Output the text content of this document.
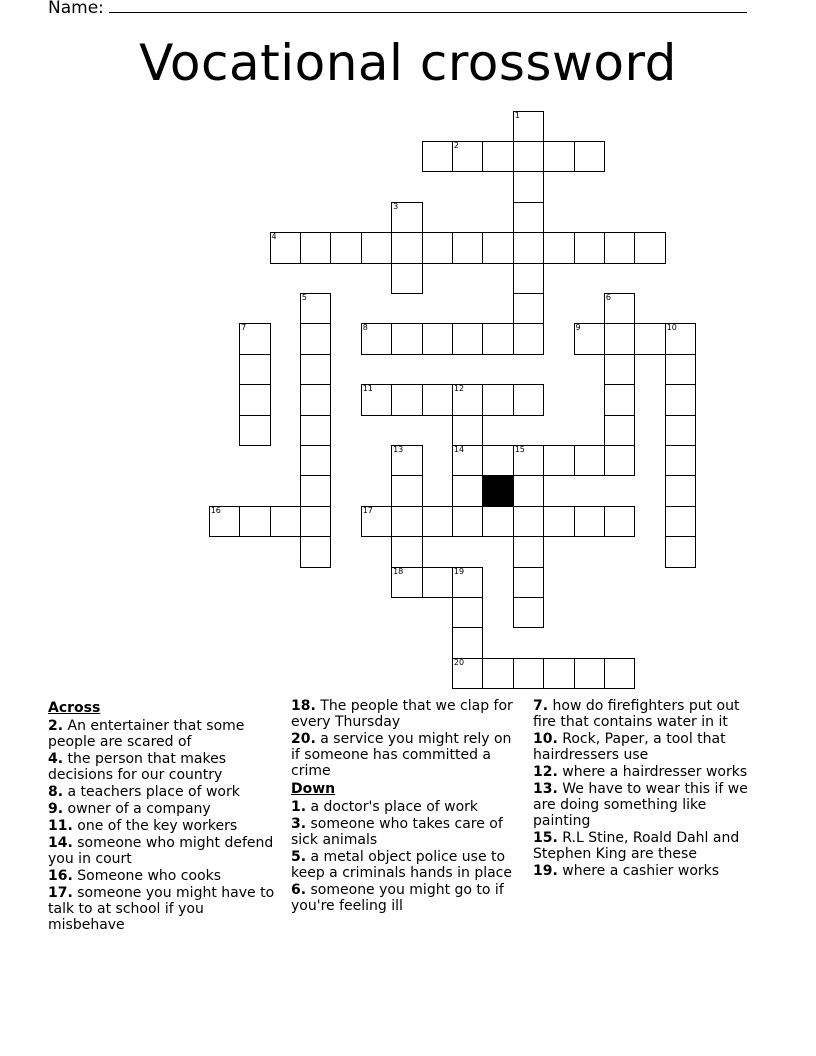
Name:
Vocational crossword
1
2
3
4
5	6
7	8	9	10
11	12
13	14	15
16	17
18	19
20
Across
2. An entertainer that some people are scared of
4. the person that makes decisions for our country
8. a teachers place of work
9. owner of a company
11. one of the key workers
14. someone who might defend you in court
16. Someone who cooks
17. someone you might have to talk to at school if you misbehave
18. The people that we clap for every Thursday
20. a service you might rely on if someone has committed a crime
Down
1. a doctor's place of work
3. someone who takes care of sick animals
5. a metal object police use to keep a criminals hands in place
6. someone you might go to if you're feeling ill
7. how do firefighters put out fire that contains water in it
10. Rock, Paper, a tool that hairdressers use
12. where a hairdresser works
13. We have to wear this if we are doing something like painting
15. R.L Stine, Roald Dahl and Stephen King are these
19. where a cashier works
